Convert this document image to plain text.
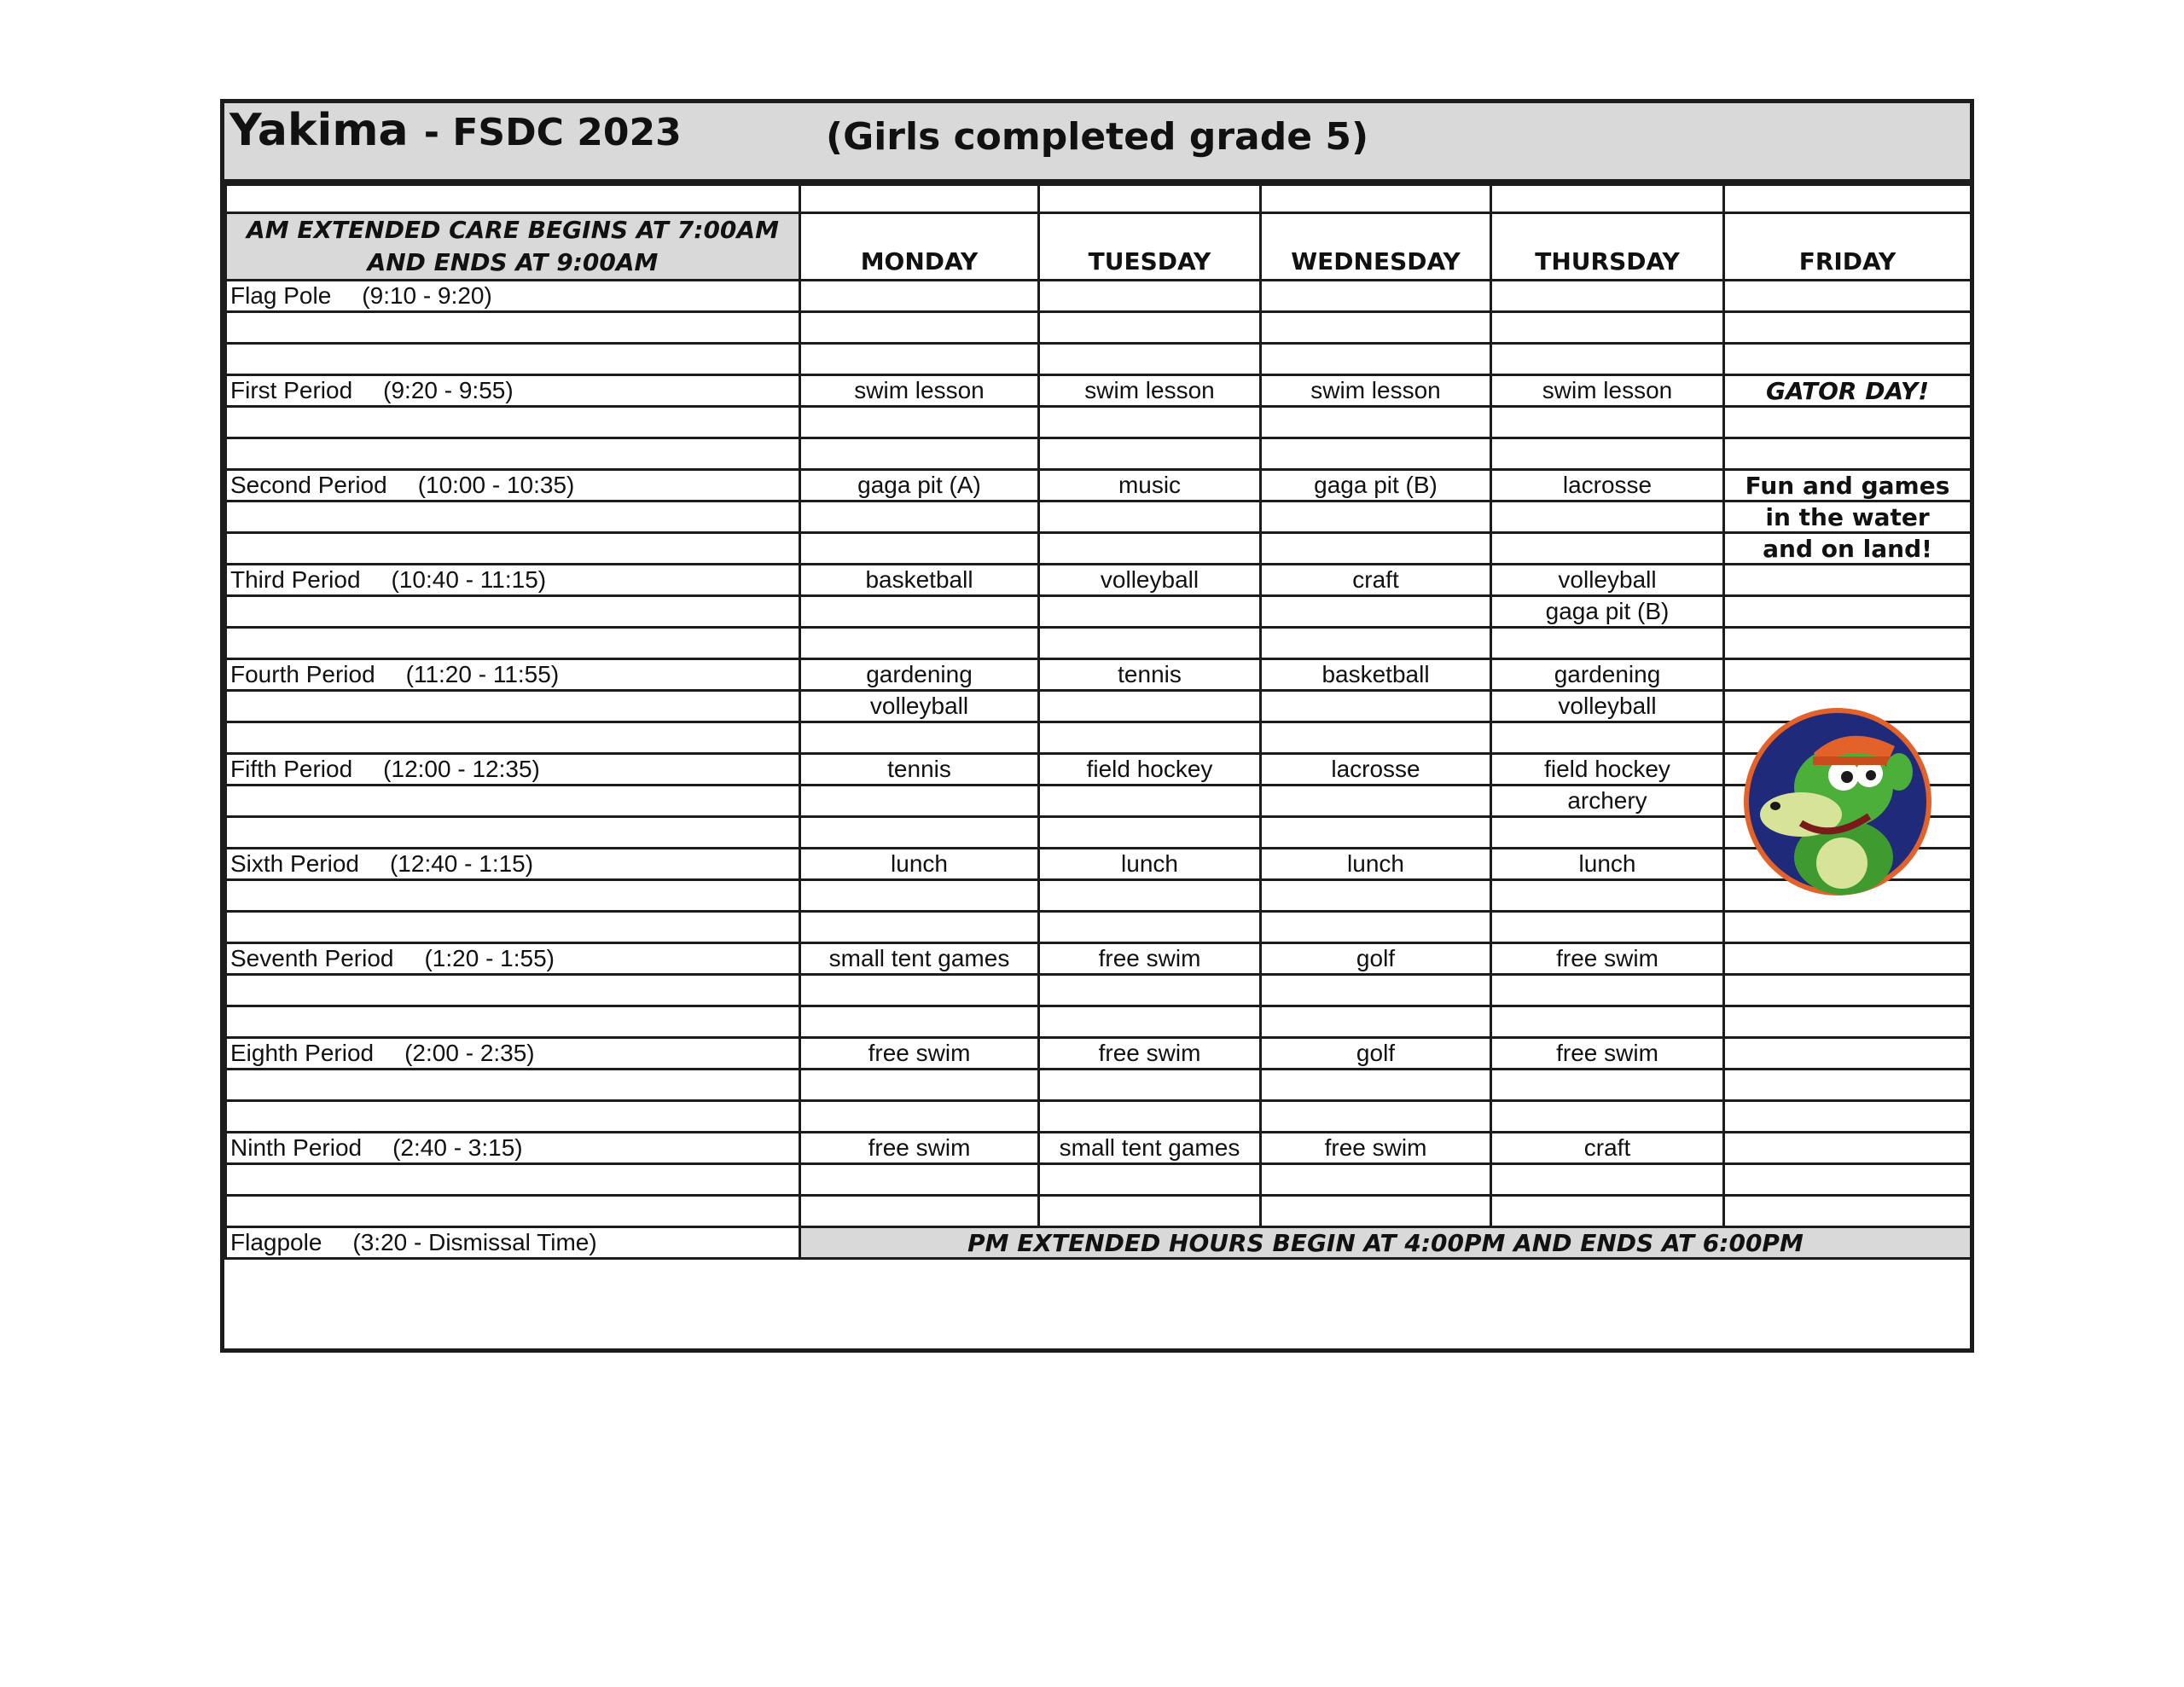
Yakima - FSDC 2023	(Girls completed grade 5)

AM EXTENDED CARE BEGINS AT 7:00AM AND ENDS AT 9:00AM	MONDAY	TUESDAY	WEDNESDAY	THURSDAY	FRIDAY
Flag Pole (9:10 - 9:20)					

First Period (9:20 - 9:55)	swim lesson	swim lesson	swim lesson	swim lesson	GATOR DAY!

Second Period (10:00 - 10:35)	gaga pit (A)	music	gaga pit (B)	lacrosse	Fun and games
					in the water
					and on land!
Third Period (10:40 - 11:15)	basketball	volleyball	craft	volleyball	
				gaga pit (B)	

Fourth Period (11:20 - 11:55)	gardening	tennis	basketball	gardening	
	volleyball			volleyball	

Fifth Period (12:00 - 12:35)	tennis	field hockey	lacrosse	field hockey	
				archery	

Sixth Period (12:40 - 1:15)	lunch	lunch	lunch	lunch	

Seventh Period (1:20 - 1:55)	small tent games	free swim	golf	free swim	

Eighth Period (2:00 - 2:35)	free swim	free swim	golf	free swim	

Ninth Period (2:40 - 3:15)	free swim	small tent games	free swim	craft	

Flagpole (3:20 - Dismissal Time)	PM EXTENDED HOURS BEGIN AT 4:00PM AND ENDS AT 6:00PM				
